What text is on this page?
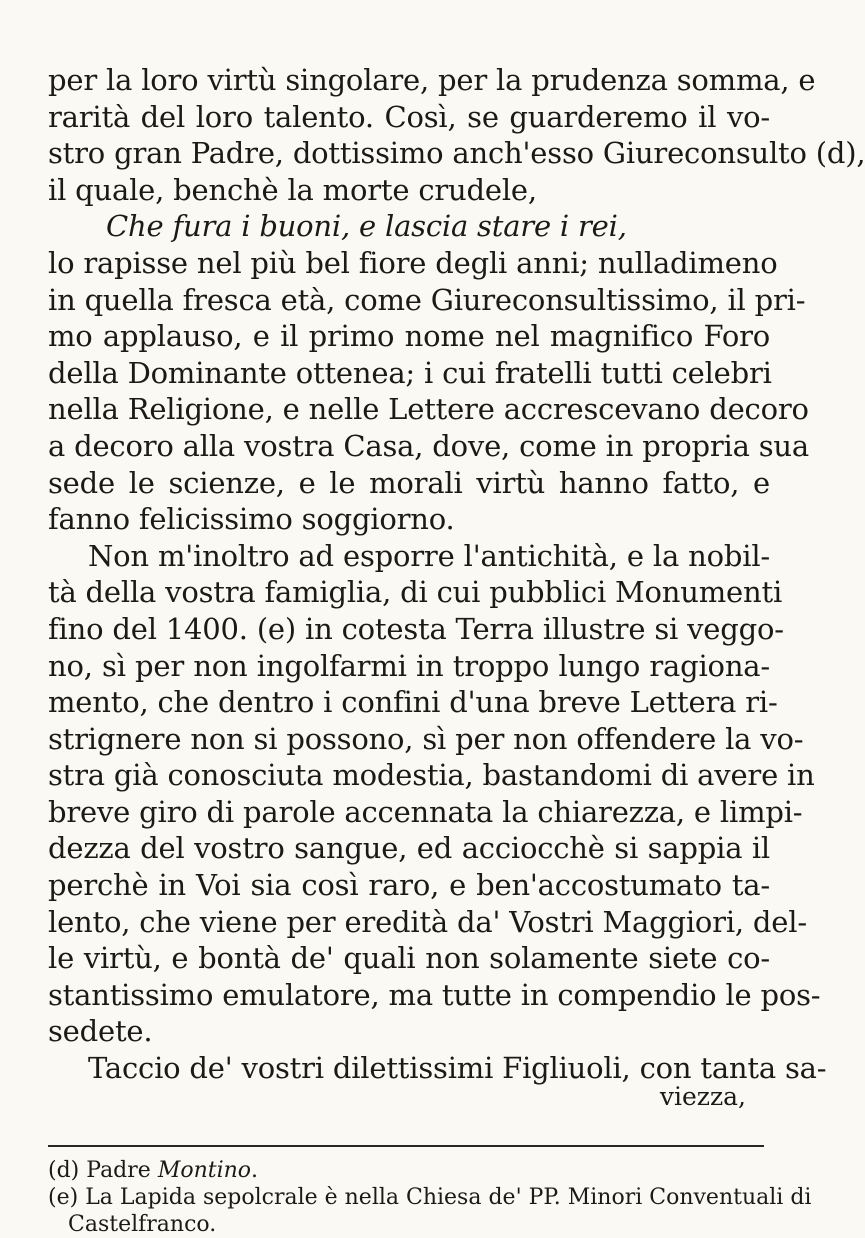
per la loro virtù singolare, per la prudenza somma, e
rarità del loro talento. Così, se guarderemo il vo-
stro gran Padre, dottissimo anch'esso Giureconsulto (d),
il quale, benchè la morte crudele,
Che fura i buoni, e lascia stare i rei,
lo rapisse nel più bel fiore degli anni; nulladimeno
in quella fresca età, come Giureconsultissimo, il pri-
mo applauso, e il primo nome nel magnifico Foro
della Dominante ottenea; i cui fratelli tutti celebri
nella Religione, e nelle Lettere accrescevano decoro
a decoro alla vostra Casa, dove, come in propria sua
sede le scienze, e le morali virtù hanno fatto, e
fanno felicissimo soggiorno.
Non m'inoltro ad esporre l'antichità, e la nobil-
tà della vostra famiglia, di cui pubblici Monumenti
fino del 1400. (e) in cotesta Terra illustre si veggo-
no, sì per non ingolfarmi in troppo lungo ragiona-
mento, che dentro i confini d'una breve Lettera ri-
strignere non si possono, sì per non offendere la vo-
stra già conosciuta modestia, bastandomi di avere in
breve giro di parole accennata la chiarezza, e limpi-
dezza del vostro sangue, ed acciocchè si sappia il
perchè in Voi sia così raro, e ben'accostumato ta-
lento, che viene per eredità da' Vostri Maggiori, del-
le virtù, e bontà de' quali non solamente siete co-
stantissimo emulatore, ma tutte in compendio le pos-
sedete.
Taccio de' vostri dilettissimi Figliuoli, con tanta sa-
viezza,
(d) Padre Montino.
(e) La Lapida sepolcrale è nella Chiesa de' PP. Minori Conventuali di
Castelfranco.
